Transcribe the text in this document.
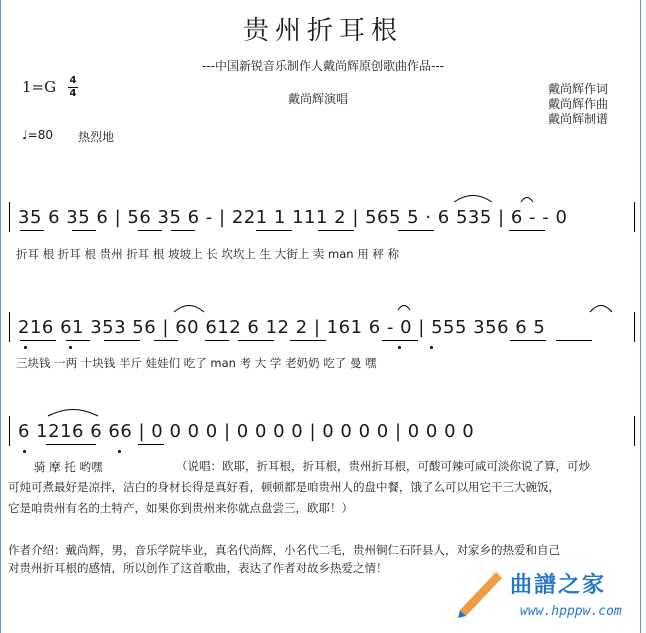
贵州折耳根
---中国新锐音乐制作人戴尚辉原创歌曲作品---
1=G 4
4	戴尚辉演唱
戴尚辉作词
戴尚辉作曲
戴尚辉制谱
♩=80 热烈地
35 6 35 6 | 56 35 6 - | 221 1 111 2 | 565 5 · 6 535 | 6 - - 0
折耳 根 折耳 根 贵州 折耳 根 坡坡上 长 坎坎上 生 大街上 卖 man 用 秤 称
216 61 353 56 | 60 612 6 12 2 | 161 6 - 0 | 555 356 6 5
三块钱 一两 十块钱 半斤 娃娃们 吃了 man 考 大 学 老奶奶 吃了 曼 嘿
6 1216 6 66 | 0 0 0 0 | 0 0 0 0 | 0 0 0 0 | 0 0 0 0
骑 摩 托 哟嘿	（说唱：欧耶，折耳根，折耳根，贵州折耳根，可酸可辣可咸可淡你说了算，可炒
可炖可煮最好是凉拌，洁白的身材长得是真好看，顿顿都是咱贵州人的盘中餐，饿了么可以用它干三大碗饭，
它是咱贵州有名的土特产，如果你到贵州来你就点盘尝三，欧耶！）
作者介绍：戴尚辉，男，音乐学院毕业，真名代尚辉，小名代二毛，贵州铜仁石阡县人，对家乡的热爱和自己
对贵州折耳根的感情，所以创作了这首歌曲，表达了作者对故乡热爱之情！
曲譜之家
www.hpppw.com
